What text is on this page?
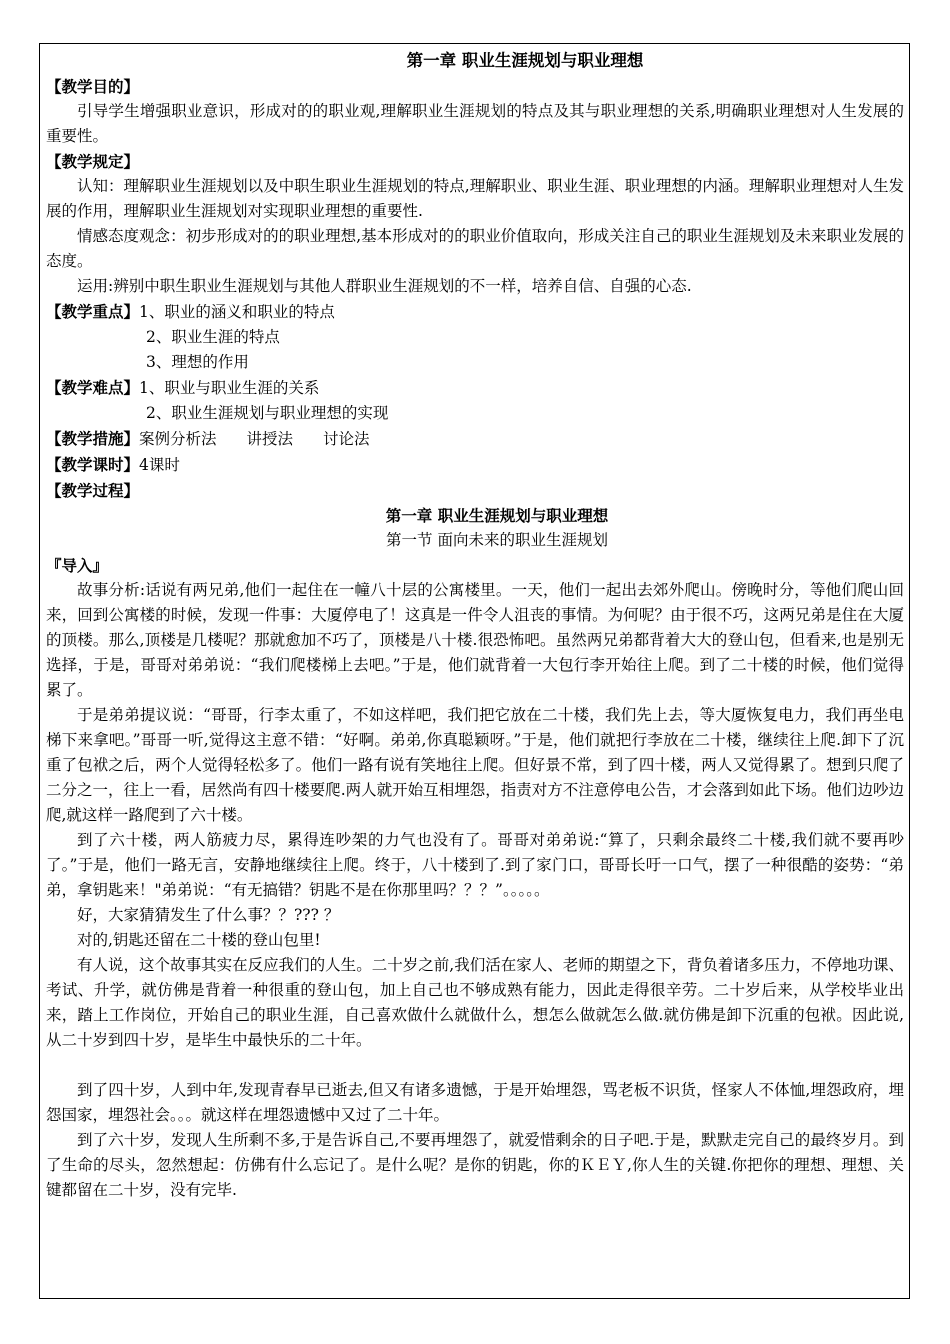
第一章 职业生涯规划与职业理想
【教学目的】
引导学生增强职业意识，形成对的的职业观,理解职业生涯规划的特点及其与职业理想的关系,明确职业理想对人生发展的重要性。
【教学规定】
认知：理解职业生涯规划以及中职生职业生涯规划的特点,理解职业、职业生涯、职业理想的内涵。理解职业理想对人生发展的作用，理解职业生涯规划对实现职业理想的重要性.
情感态度观念：初步形成对的的职业理想,基本形成对的的职业价值取向，形成关注自己的职业生涯规划及未来职业发展的态度。
运用:辨别中职生职业生涯规划与其他人群职业生涯规划的不一样，培养自信、自强的心态.
【教学重点】1、职业的涵义和职业的特点
2、职业生涯的特点
3、理想的作用
【教学难点】1、职业与职业生涯的关系
2、职业生涯规划与职业理想的实现
【教学措施】案例分析法 讲授法 讨论法
【教学课时】4课时
【教学过程】
第一章 职业生涯规划与职业理想
第一节 面向未来的职业生涯规划
『导入』
故事分析:话说有两兄弟,他们一起住在一幢八十层的公寓楼里。一天，他们一起出去郊外爬山。傍晚时分，等他们爬山回来，回到公寓楼的时候，发现一件事：大厦停电了！这真是一件令人沮丧的事情。为何呢？由于很不巧，这两兄弟是住在大厦的顶楼。那么,顶楼是几楼呢？那就愈加不巧了，顶楼是八十楼.很恐怖吧。虽然两兄弟都背着大大的登山包，但看来,也是别无选择，于是，哥哥对弟弟说：“我们爬楼梯上去吧。”于是，他们就背着一大包行李开始往上爬。到了二十楼的时候，他们觉得累了。
于是弟弟提议说：“哥哥，行李太重了，不如这样吧，我们把它放在二十楼，我们先上去，等大厦恢复电力，我们再坐电梯下来拿吧。”哥哥一听,觉得这主意不错：“好啊。弟弟,你真聪颖呀。”于是，他们就把行李放在二十楼，继续往上爬.卸下了沉重了包袱之后，两个人觉得轻松多了。他们一路有说有笑地往上爬。但好景不常，到了四十楼，两人又觉得累了。想到只爬了二分之一，往上一看，居然尚有四十楼要爬.两人就开始互相埋怨，指责对方不注意停电公告，才会落到如此下场。他们边吵边爬,就这样一路爬到了六十楼。
到了六十楼，两人筋疲力尽，累得连吵架的力气也没有了。哥哥对弟弟说:“算了，只剩余最终二十楼,我们就不要再吵了。”于是，他们一路无言，安静地继续往上爬。终于，八十楼到了.到了家门口，哥哥长吁一口气，摆了一种很酷的姿势：“弟弟，拿钥匙来！"弟弟说：“有无搞错？钥匙不是在你那里吗？？？”。。。。。
好，大家猜猜发生了什么事？？??? ？
对的,钥匙还留在二十楼的登山包里!
有人说，这个故事其实在反应我们的人生。二十岁之前,我们活在家人、老师的期望之下，背负着诸多压力，不停地功课、考试、升学，就仿佛是背着一种很重的登山包，加上自己也不够成熟有能力，因此走得很辛劳。二十岁后来，从学校毕业出来，踏上工作岗位，开始自己的职业生涯，自己喜欢做什么就做什么，想怎么做就怎么做.就仿佛是卸下沉重的包袱。因此说,从二十岁到四十岁，是毕生中最快乐的二十年。
到了四十岁，人到中年,发现青春早已逝去,但又有诸多遗憾，于是开始埋怨，骂老板不识货，怪家人不体恤,埋怨政府，埋怨国家，埋怨社会。。。就这样在埋怨遗憾中又过了二十年。
到了六十岁，发现人生所剩不多,于是告诉自己,不要再埋怨了，就爱惜剩余的日子吧.于是，默默走完自己的最终岁月。到了生命的尽头，忽然想起：仿佛有什么忘记了。是什么呢？是你的钥匙，你的ＫＥＹ,你人生的关键.你把你的理想、理想、关键都留在二十岁，没有完毕.
